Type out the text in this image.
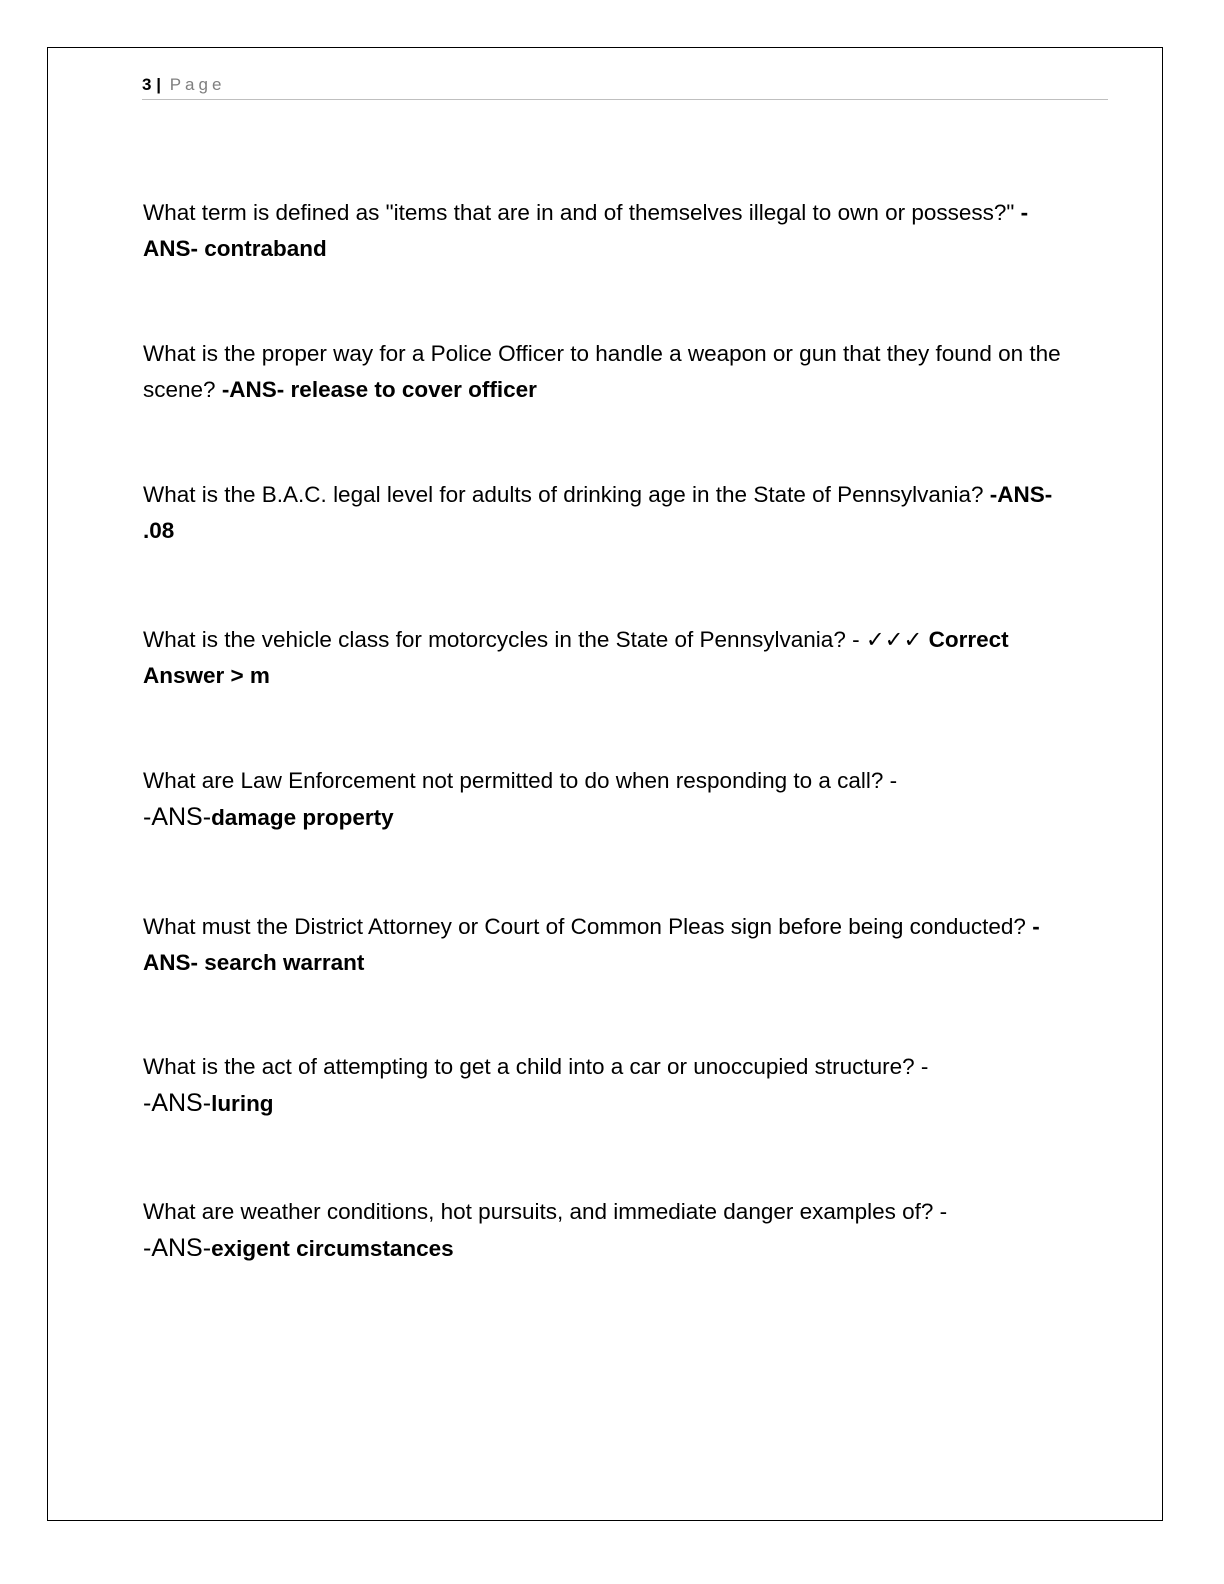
3 | Page
What term is defined as "items that are in and of themselves illegal to own or possess?" -ANS- contraband
What is the proper way for a Police Officer to handle a weapon or gun that they found on the scene? -ANS- release to cover officer
What is the B.A.C. legal level for adults of drinking age in the State of Pennsylvania? -ANS- .08
What is the vehicle class for motorcycles in the State of Pennsylvania? - ✓✓✓ Correct Answer > m
What are Law Enforcement not permitted to do when responding to a call? -
-ANS-damage property
What must the District Attorney or Court of Common Pleas sign before being conducted? -ANS- search warrant
What is the act of attempting to get a child into a car or unoccupied structure? -
-ANS-luring
What are weather conditions, hot pursuits, and immediate danger examples of? -
-ANS-exigent circumstances
